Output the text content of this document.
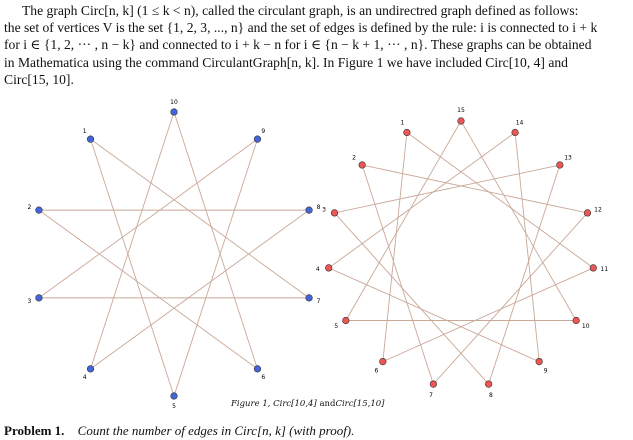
The graph Circ[n, k] (1 ≤ k < n), called the circulant graph, is an undirectred graph defined as follows:
the set of vertices V is the set {1, 2, 3, ..., n} and the set of edges is defined by the rule: i is connected to i + k
for i ∈ {1, 2, ··· , n − k} and connected to i + k − n for i ∈ {n − k + 1, ··· , n}. These graphs can be obtained
in Mathematica using the command CirculantGraph[n, k]. In Figure 1 we have included Circ[10, 4] and
Circ[15, 10].
1
2
3
4
5
6
7
8
9
10
1
2
3
4
5
6
7	8
9
10
11
12
13
14
15
Figure 1, Circ[10,4] andCirc[15,10]
Problem 1. Count the number of edges in Circ[n, k] (with proof).
